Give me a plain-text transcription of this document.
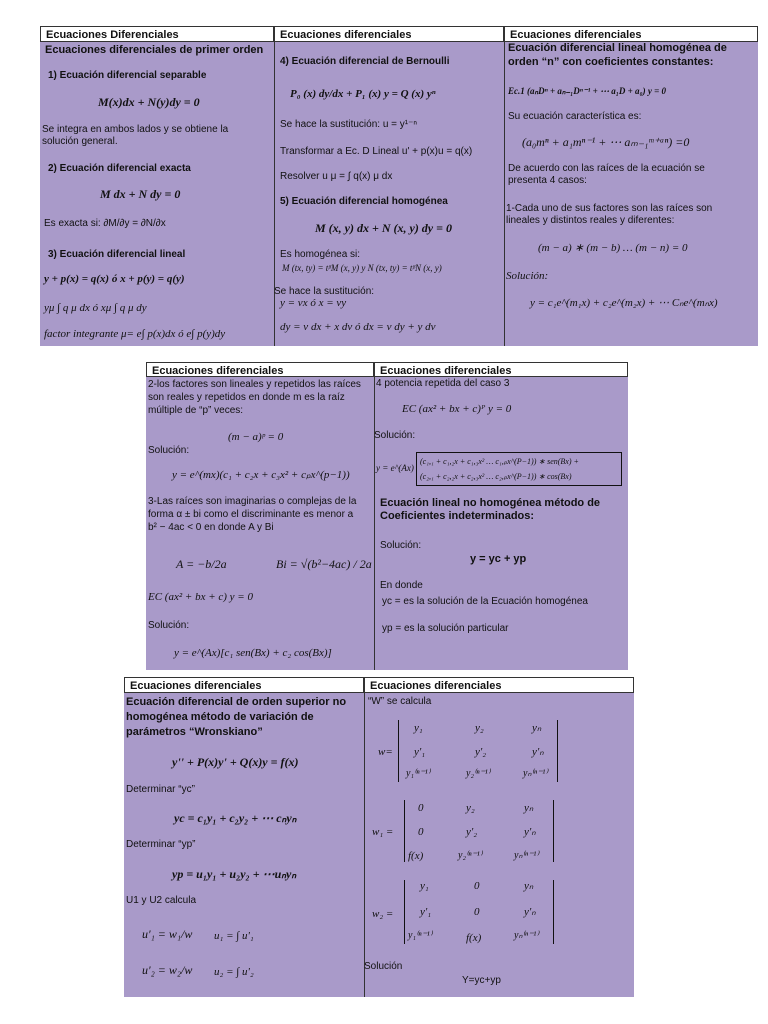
Ecuaciones Diferenciales	Ecuaciones diferenciales	Ecuaciones diferenciales
Ecuaciones diferenciales de primer orden
1) Ecuación diferencial separable
M(x)dx + N(y)dy = 0
Se integra en ambos lados y se obtiene la
solución general.
2) Ecuación diferencial exacta
M dx + N dy = 0
Es exacta si: ∂M/∂y = ∂N/∂x
3) Ecuación diferencial lineal
y + p(x) = q(x) ó x + p(y) = q(y)
yμ ∫ q μ dx ó xμ ∫ q μ dy
factor integrante μ= e∫ p(x)dx ó e∫ p(y)dy
4) Ecuación diferencial de Bernoulli
P₀ (x) dy/dx + P₁ (x) y = Q (x) yⁿ
Se hace la sustitución: u = y¹⁻ⁿ
Transformar a Ec. D Lineal u' + p(x)u = q(x)
Resolver u μ = ∫ q(x) μ dx
5) Ecuación diferencial homogénea
M (x, y) dx + N (x, y) dy = 0
Es homogénea si:
M (tx, ty) = tᵝM (x, y) y N (tx, ty) = tᵝN (x, y)
Se hace la sustitución:
y = vx ó x = vy
dy = v dx + x dv ó dx = v dy + y dv
Ecuación diferencial lineal homogénea de
orden “n” con coeficientes constantes:
Ec.1 (aₙDⁿ + aₙ₋₁Dⁿ⁻¹ + ⋯ a₁D + a₀) y = 0
Su ecuación característica es:
(a₀mⁿ + a₁mⁿ⁻¹ + ⋯ aₘ₋₁ᵐ⁺ᵃⁿ) =0
De acuerdo con las raíces de la ecuación se
presenta 4 casos:
1-Cada uno de sus factores son las raíces son
lineales y distintos reales y diferentes:
(m − a) ∗ (m − b) … (m − n) = 0
Solución:
y = c₁e^(m₁x) + c₂e^(m₂x) + ⋯ Cₙe^(mₙx)
Ecuaciones diferenciales	Ecuaciones diferenciales
2-los factores son lineales y repetidos las raíces
son reales y repetidos en donde m es la raíz
múltiple de “p” veces:
(m − a)ᵖ = 0
Solución:
y = e^(mx)(c₁ + c₂x + c₃x² + cₚx^(p−1))
3-Las raíces son imaginarias o complejas de la
forma α ± bi como el discriminante es menor a
b² − 4ac < 0 en donde A y Bi
A = −b/2a	Bi = √(b²−4ac) / 2a
EC (ax² + bx + c) y = 0
Solución:
y = e^(Ax)[c₁ sen(Bx) + c₂ cos(Bx)]
4 potencia repetida del caso 3
EC (ax² + bx + c)ᴾ y = 0
Solución:
y = e^(Ax)
(c₁,₁ + c₁,₂x + c₁,₃x² … c₁,ₚx^(P−1)) ∗ sen(Bx) +
(c₂,₁ + c₂,₂x + c₂,₃x² … c₂,ₚx^(P−1)) ∗ cos(Bx)
Ecuación lineal no homogénea método de
Coeficientes indeterminados:
Solución:
y = yc + yp
En donde
yc = es la solución de la Ecuación homogénea
yp = es la solución particular
Ecuaciones diferenciales	Ecuaciones diferenciales
Ecuación diferencial de orden superior no
homogénea método de variación de
parámetros “Wronskiano”
y'' + P(x)y' + Q(x)y = f(x)
Determinar “yc”
yc = c₁y₁ + c₂y₂ + ⋯ cₙyₙ
Determinar “yp”
yp = u₁y₁ + u₂y₂ + ⋯uₙyₙ
U1 y U2 calcula
u'₁ = w₁/w u₁ = ∫ u'₁
u'₂ = w₂/w u₂ = ∫ u'₂
“W” se calcula
w=
y₁	y₂	yₙ
y'₁	y'₂	y'ₙ
y₁⁽ⁿ⁻¹⁾	y₂⁽ⁿ⁻¹⁾	yₙ⁽ⁿ⁻¹⁾
w₁ =
0	y₂	yₙ
0	y'₂	y'ₙ
f(x)	y₂⁽ⁿ⁻¹⁾	yₙ⁽ⁿ⁻¹⁾
w₂ =
y₁	0	yₙ
y'₁	0	y'ₙ
y₁⁽ⁿ⁻¹⁾	f(x)	yₙ⁽ⁿ⁻¹⁾
Solución
Y=yc+yp
